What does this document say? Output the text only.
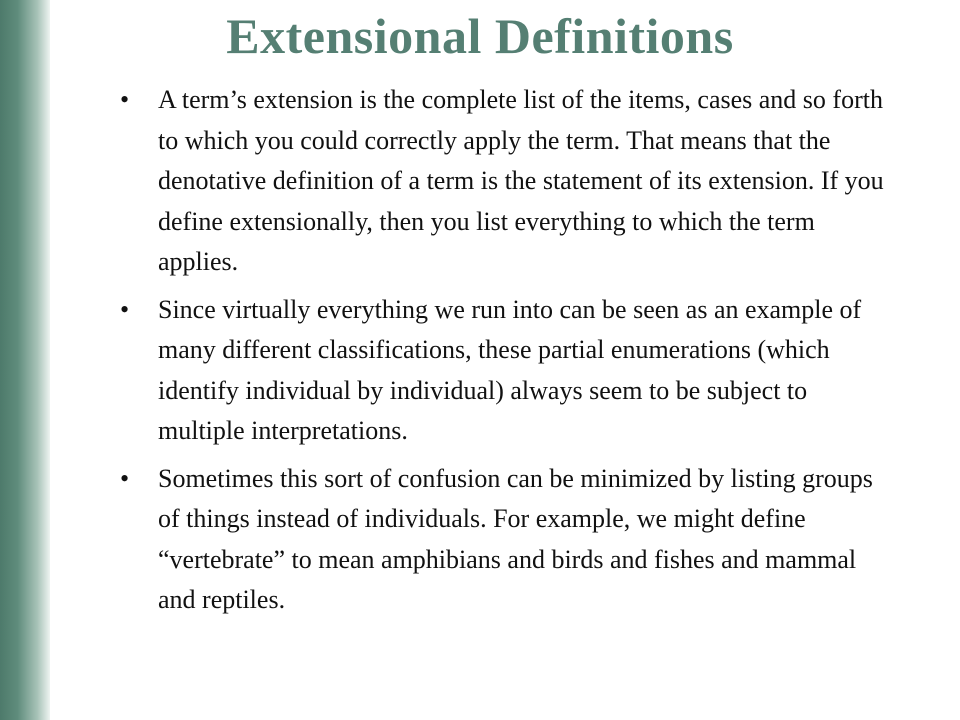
Extensional Definitions
• A term’s extension is the complete list of the items, cases and so forth to which you could correctly apply the term. That means that the denotative definition of a term is the statement of its extension. If you define extensionally, then you list everything to which the term applies.
• Since virtually everything we run into can be seen as an example of many different classifications, these partial enumerations (which identify individual by individual) always seem to be subject to multiple interpretations.
• Sometimes this sort of confusion can be minimized by listing groups of things instead of individuals. For example, we might define “vertebrate” to mean amphibians and birds and fishes and mammal and reptiles.
